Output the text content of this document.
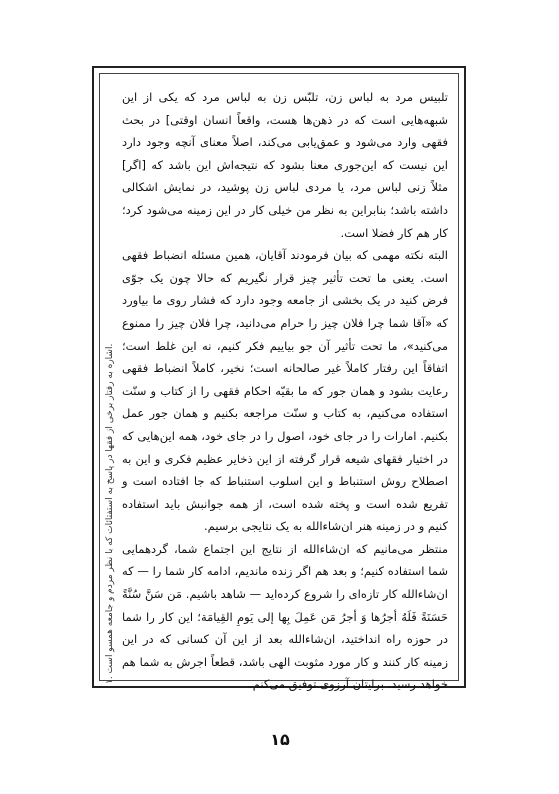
۱. اشاره به رفتار برخی از فقها در پاسخ به استفتائات که با نظر مردم و جامعه همسو است.

تلبیس مرد به لباس زن، تلبّس زن به لباس مرد که یکی از این شبهه‌هایی است که در ذهن‌ها هست، واقعاً انسان اوقتی] در بحث فقهی وارد می‌شود و عمق‌یابی می‌کند، اصلاً معنای آنچه وجود دارد این نیست که این‌جوری معنا بشود که نتیجه‌اش این باشد که [اگر] مثلاً زنی لباس مرد، یا مردی لباس زن پوشید، در نمایش اشکالی داشته باشد؛ بنابراین به نظر من خیلی کار در این زمینه می‌شود کرد؛ کار هم کار فضلا است.

البته نکته مهمی که بیان فرمودند آقایان، همین مسئله انضباط فقهی است. یعنی ما تحت تأثیر چیز قرار نگیریم که حالا چون یک جوّی فرض کنید در یک بخشی از جامعه وجود دارد که فشار روی ما بیاورد که «آقا شما چرا فلان چیز را حرام می‌دانید، چرا فلان چیز را ممنوع می‌کنید»، ما تحت تأثیر آن جو بیاییم فکر کنیم، نه این غلط است؛ اتفاقاً این رفتار کاملاً غیر صالحانه است؛ نخیر، کاملاً انضباط فقهی رعایت بشود و همان جور که ما بقیّه احکام فقهی را از کتاب و سنّت استفاده می‌کنیم، به کتاب و سنّت مراجعه بکنیم و همان جور عمل بکنیم. امارات را در جای خود، اصول را در جای خود، همه این‌هایی که در اختیار فقهای شیعه قرار گرفته از این ذخایر عظیم فکری و این به اصطلاح روش استنباط و این اسلوب استنباط که جا افتاده است و تفریع شده است و پخته شده است، از همه جوانبش باید استفاده کنیم و در زمینه هنر ان‌شاءالله به یک نتایجی برسیم.

منتظر می‌مانیم که ان‌شاءالله از نتایج این اجتماع شما، گردهمایی شما استفاده کنیم؛ و بعد هم اگر زنده ماندیم، ادامه کار شما را — که ان‌شاءالله کار تازه‌ای را شروع کرده‌اید — شاهد باشیم. مَن سَنَّ سُنَّةً حَسَنَةً فَلَهُ أجرُها وَ أجرُ مَن عَمِلَ بِها إلی یَومِ القِیامَة؛ این کار را شما در حوزه راه انداختید، ان‌شاءالله بعد از این آن کسانی که در این زمینه کار کنند و کار مورد مثوبت الهی باشد، قطعاً اجرش به شما هم خواهد رسید. برایتان آرزوی توفیق می‌کنم.

۱۵
